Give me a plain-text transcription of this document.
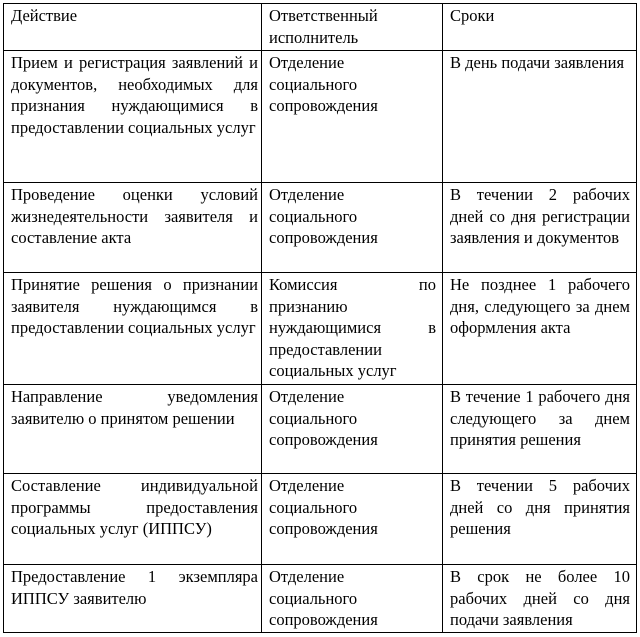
Действие	Ответственный исполнитель	Сроки
Прием и регистрация заявлений и документов, необходимых для признания нуждающимися в предоставлении социальных услуг	Отделение социального сопровождения	В день подачи заявления
Проведение оценки условий жизнедеятельности заявителя и составление акта	Отделение социального сопровождения	В течении 2 рабочих дней со дня регистрации заявления и документов
Принятие решения о признании заявителя нуждающимся в предоставлении социальных услуг	Комиссия по признанию нуждающимися в предоставлении социальных услуг	Не позднее 1 рабочего дня, следующего за днем оформления акта
Направление уведомления заявителю о принятом решении	Отделение социального сопровождения	В течение 1 рабочего дня следующего за днем принятия решения
Составление индивидуальной программы предоставления социальных услуг (ИППСУ)	Отделение социального сопровождения	В течении 5 рабочих дней со дня принятия решения
Предоставление 1 экземпляра ИППСУ заявителю	Отделение социального сопровождения	В срок не более 10 рабочих дней со дня подачи заявления
